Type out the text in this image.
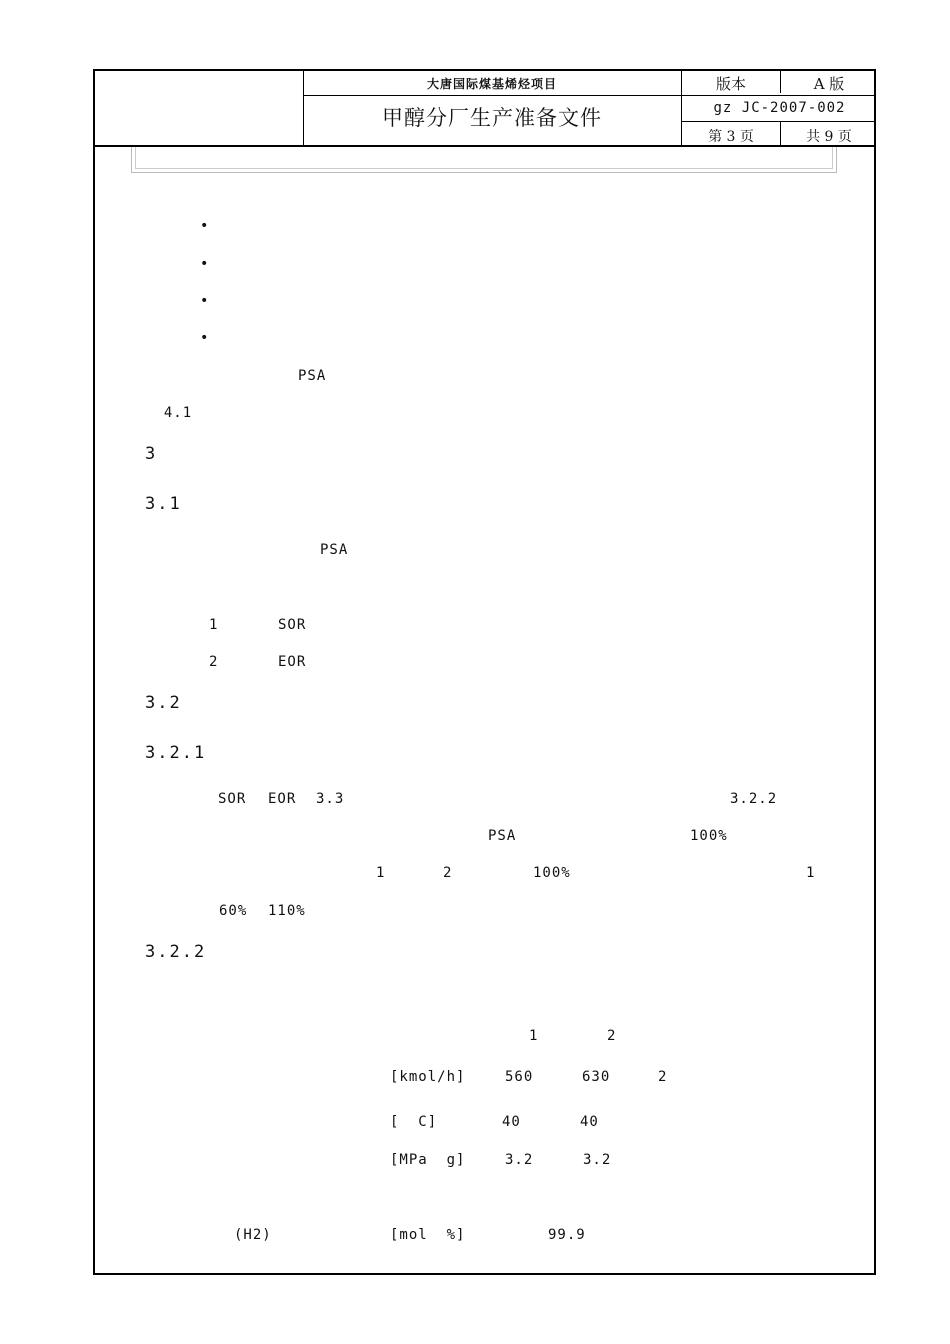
大唐国际煤基烯烃项目
甲醇分厂生产准备文件
版本	A 版
gz JC-2007-002
第 3 页	共 9 页
•
•
•
•
PSA
4.1
3
3.1
PSA
1	SOR
2	EOR
3.2
3.2.1
SOR EOR 3.3	3.2.2
PSA	100%
1	2	100%	1
60% 110%
3.2.2
1	2
[kmol/h]	560	630	2
[  C]	40	40
[MPa  g]	3.2	3.2
(H2)	[mol  %]	99.9
